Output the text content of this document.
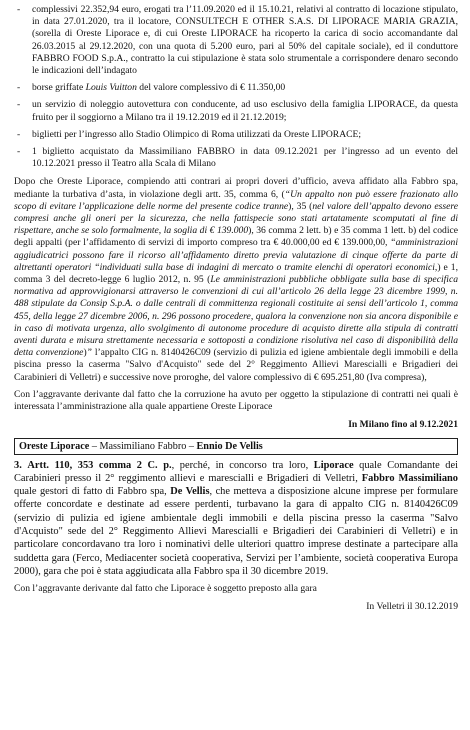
- complessivi 22.352,94 euro, erogati tra l’11.09.2020 ed il 15.10.21, relativi al contratto di locazione stipulato, in data 27.01.2020, tra il locatore, CONSULTECH E OTHER S.A.S. DI LIPORACE MARIA GRAZIA, (sorella di Oreste Liporace e, di cui Oreste LIPORACE ha ricoperto la carica di socio accomandante dal 26.03.2015 al 29.12.2020, con una quota di 5.200 euro, pari al 50% del capitale sociale), ed il conduttore FABBRO FOOD S.p.A., contratto la cui stipulazione è stata solo strumentale a corrispondere denaro secondo le indicazioni dell’indagato
- borse griffate Louis Vuitton del valore complessivo di € 11.350,00
- un servizio di noleggio autovettura con conducente, ad uso esclusivo della famiglia LIPORACE, da questa fruito per il soggiorno a Milano tra il 19.12.2019 ed il 21.12.2019;
- biglietti per l’ingresso allo Stadio Olimpico di Roma utilizzati da Oreste LIPORACE;
- 1 biglietto acquistato da Massimiliano FABBRO in data 09.12.2021 per l’ingresso ad un evento del 10.12.2021 presso il Teatro alla Scala di Milano

Dopo che Oreste Liporace, compiendo atti contrari ai propri doveri d’ufficio, aveva affidato alla Fabbro spa, mediante la turbativa d’asta, in violazione degli artt. 35, comma 6, (“Un appalto non può essere frazionato allo scopo di evitare l’applicazione delle norme del presente codice tranne), 35 (nel valore dell’appalto devono essere compresi anche gli oneri per la sicurezza, che nella fattispecie sono stati artatamente scomputati al fine di rispettare, anche se solo formalmente, la soglia di € 139.000), 36 comma 2 lett. b) e 35 comma 1 lett. b) del codice degli appalti (per l’affidamento di servizi di importo compreso tra € 40.000,00 ed € 139.000,00, “amministrazioni aggiudicatrici possono fare il ricorso all’affidamento diretto previa valutazione di cinque offerte da parte di altrettanti operatori “individuati sulla base di indagini di mercato o tramite elenchi di operatori economici,) e 1, comma 3 del decreto-legge 6 luglio 2012, n. 95 (Le amministrazioni pubbliche obbligate sulla base di specifica normativa ad approvvigionarsi attraverso le convenzioni di cui all’articolo 26 della legge 23 dicembre 1999, n. 488 stipulate da Consip S.p.A. o dalle centrali di committenza regionali costituite ai sensi dell’articolo 1, comma 455, della legge 27 dicembre 2006, n. 296 possono procedere, qualora la convenzione non sia ancora disponibile e in caso di motivata urgenza, allo svolgimento di autonome procedure di acquisto dirette alla stipula di contratti aventi durata e misura strettamente necessaria e sottoposti a condizione risolutiva nel caso di disponibilità della detta convenzione)” l’appalto CIG n. 8140426C09 (servizio di pulizia ed igiene ambientale degli immobili e della piscina presso la caserma "Salvo d'Acquisto" sede del 2° Reggimento Allievi Marescialli e Brigadieri dei Carabinieri di Velletri) e successive nove proroghe, del valore complessivo di € 695.251,80 (Iva compresa),

Con l’aggravante derivante dal fatto che la corruzione ha avuto per oggetto la stipulazione di contratti nei quali è interessata l’amministrazione alla quale appartiene Oreste Liporace

In Milano fino al 9.12.2021
Oreste Liporace – Massimiliano Fabbro – Ennio De Vellis

3. Artt. 110, 353 comma 2 C. p., perché, in concorso tra loro, Liporace quale Comandante dei Carabinieri presso il 2° reggimento allievi e marescialli e Brigadieri di Velletri, Fabbro Massimiliano quale gestori di fatto di Fabbro spa, De Vellis, che metteva a disposizione alcune imprese per formulare offerte concordate e destinate ad essere perdenti, turbavano la gara di appalto CIG n. 8140426C09 (servizio di pulizia ed igiene ambientale degli immobili e della piscina presso la caserma "Salvo d'Acquisto" sede del 2° Reggimento Allievi Marescialli e Brigadieri dei Carabinieri di Velletri) e in particolare concordavano tra loro i nominativi delle ulteriori quattro imprese destinate a partecipare alla suddetta gara (Ferco, Mediacenter società cooperativa, Servizi per l’ambiente, società cooperativa Europa 2000), gara che poi è stata aggiudicata alla Fabbro spa il 30 dicembre 2019.

Con l’aggravante derivante dal fatto che Liporace è soggetto preposto alla gara

In Velletri il 30.12.2019
